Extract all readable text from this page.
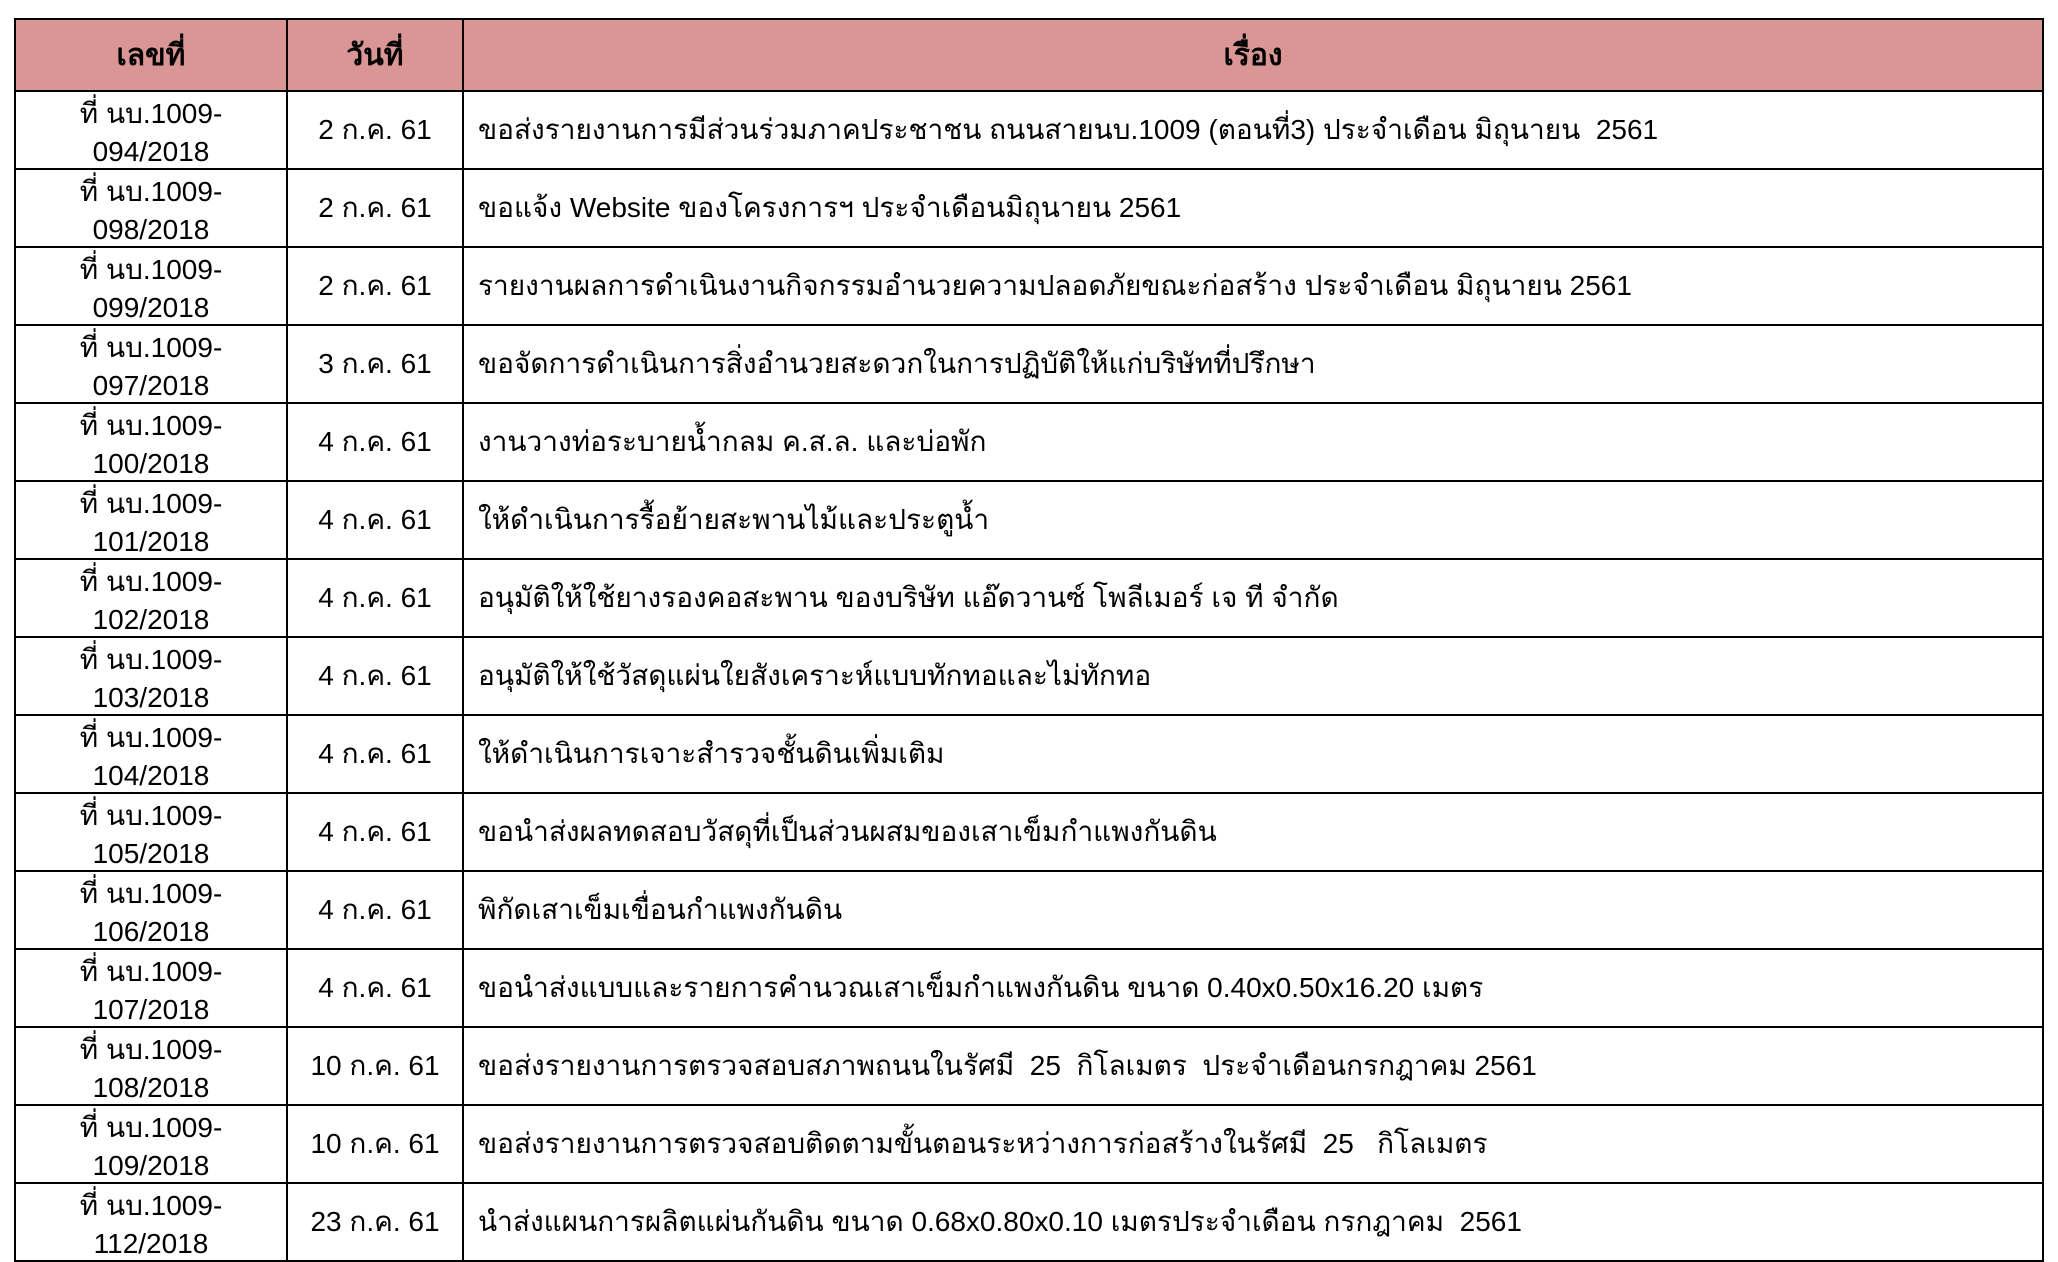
เลขที่	วันที่	เรื่อง
ที่ นบ.1009-094/2018	2 ก.ค. 61	ขอส่งรายงานการมีส่วนร่วมภาคประชาชน ถนนสายนบ.1009 (ตอนที่3) ประจำเดือน มิถุนายน  2561
ที่ นบ.1009-098/2018	2 ก.ค. 61	ขอแจ้ง Website ของโครงการฯ ประจำเดือนมิถุนายน 2561
ที่ นบ.1009-099/2018	2 ก.ค. 61	รายงานผลการดำเนินงานกิจกรรมอำนวยความปลอดภัยขณะก่อสร้าง ประจำเดือน มิถุนายน 2561
ที่ นบ.1009-097/2018	3 ก.ค. 61	ขอจัดการดำเนินการสิ่งอำนวยสะดวกในการปฏิบัติให้แก่บริษัทที่ปรึกษา
ที่ นบ.1009-100/2018	4 ก.ค. 61	งานวางท่อระบายน้ำกลม ค.ส.ล. และบ่อพัก
ที่ นบ.1009-101/2018	4 ก.ค. 61	ให้ดำเนินการรื้อย้ายสะพานไม้และประตูน้ำ
ที่ นบ.1009-102/2018	4 ก.ค. 61	อนุมัติให้ใช้ยางรองคอสะพาน ของบริษัท แอ๊ดวานซ์ โพลีเมอร์ เจ ที จำกัด
ที่ นบ.1009-103/2018	4 ก.ค. 61	อนุมัติให้ใช้วัสดุแผ่นใยสังเคราะห์แบบทักทอและไม่ทักทอ
ที่ นบ.1009-104/2018	4 ก.ค. 61	ให้ดำเนินการเจาะสำรวจชั้นดินเพิ่มเติม
ที่ นบ.1009-105/2018	4 ก.ค. 61	ขอนำส่งผลทดสอบวัสดุที่เป็นส่วนผสมของเสาเข็มกำแพงกันดิน
ที่ นบ.1009-106/2018	4 ก.ค. 61	พิกัดเสาเข็มเขื่อนกำแพงกันดิน
ที่ นบ.1009-107/2018	4 ก.ค. 61	ขอนำส่งแบบและรายการคำนวณเสาเข็มกำแพงกันดิน ขนาด 0.40x0.50x16.20 เมตร
ที่ นบ.1009-108/2018	10 ก.ค. 61	ขอส่งรายงานการตรวจสอบสภาพถนนในรัศมี  25  กิโลเมตร  ประจำเดือนกรกฎาคม 2561
ที่ นบ.1009-109/2018	10 ก.ค. 61	ขอส่งรายงานการตรวจสอบติดตามขั้นตอนระหว่างการก่อสร้างในรัศมี  25   กิโลเมตร
ที่ นบ.1009-112/2018	23 ก.ค. 61	นำส่งแผนการผลิตแผ่นกันดิน ขนาด 0.68x0.80x0.10 เมตรประจำเดือน กรกฎาคม  2561
